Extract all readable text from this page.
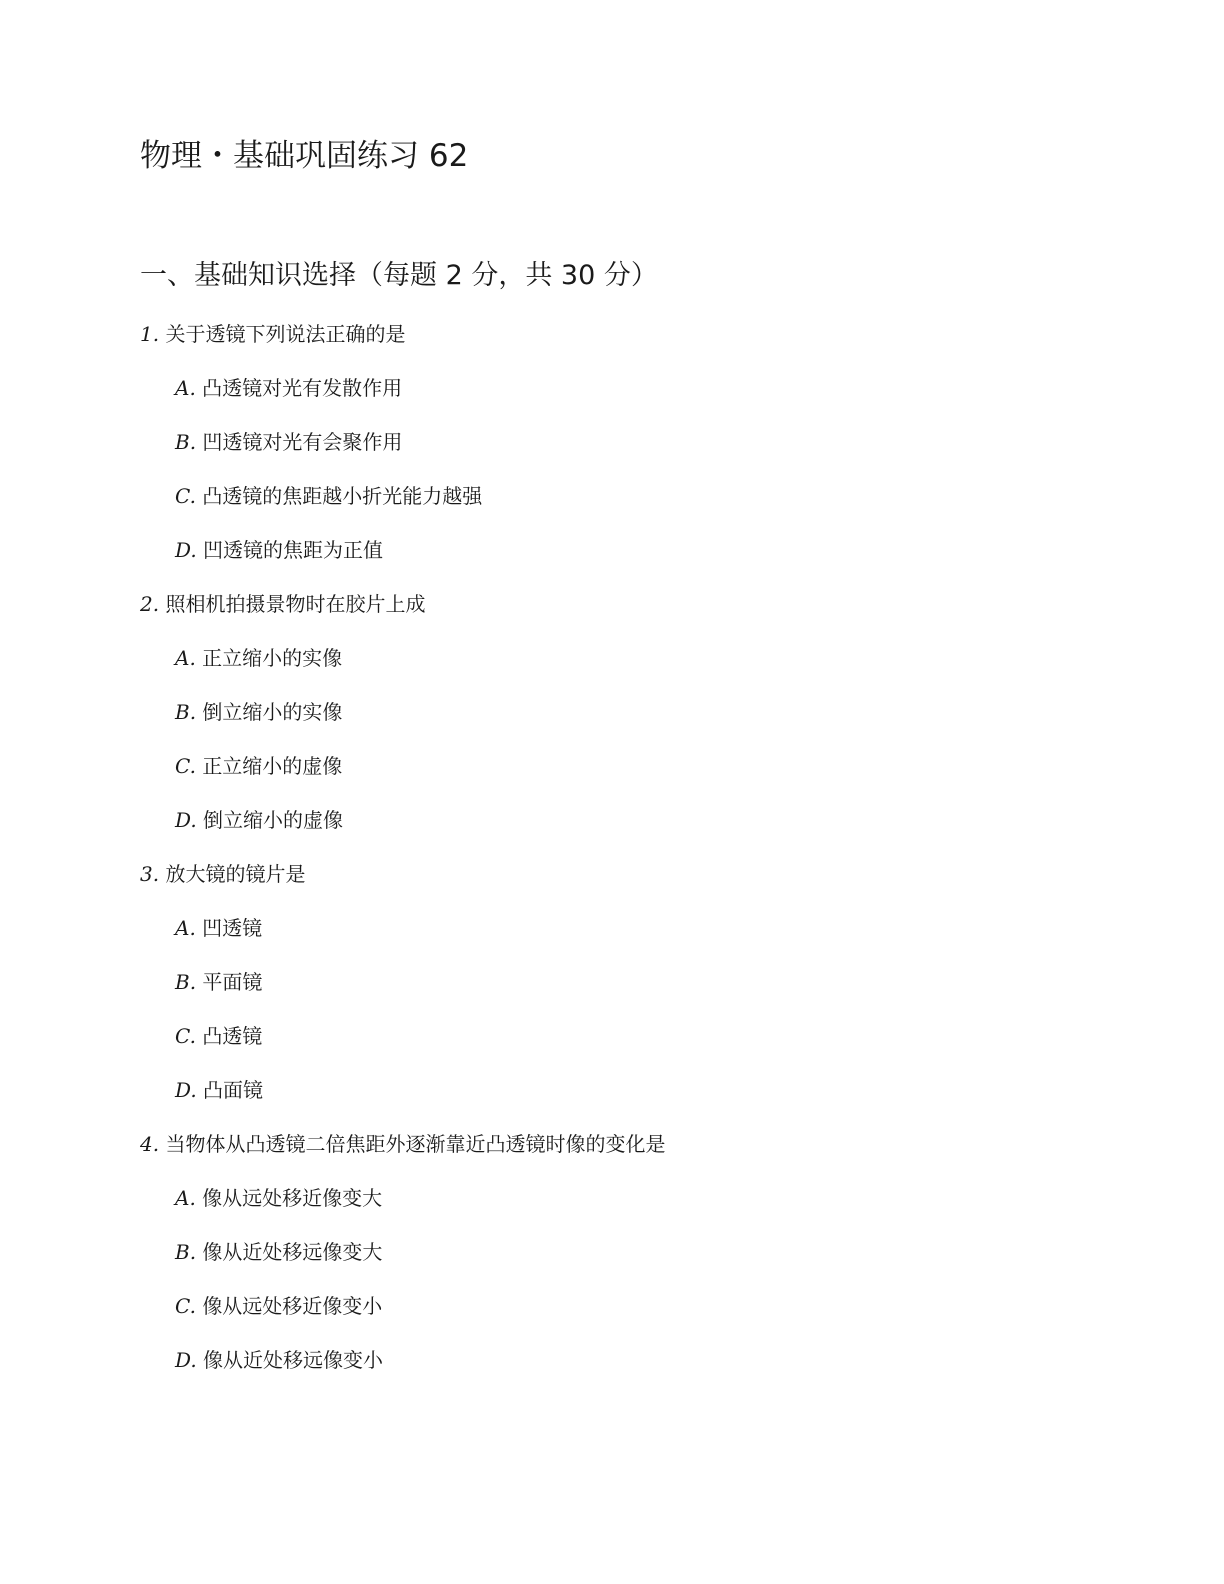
物理・基础巩固练习 62
一、基础知识选择（每题 2 分，共 30 分）
1. 关于透镜下列说法正确的是
A. 凸透镜对光有发散作用
B. 凹透镜对光有会聚作用
C. 凸透镜的焦距越小折光能力越强
D. 凹透镜的焦距为正值
2. 照相机拍摄景物时在胶片上成
A. 正立缩小的实像
B. 倒立缩小的实像
C. 正立缩小的虚像
D. 倒立缩小的虚像
3. 放大镜的镜片是
A. 凹透镜
B. 平面镜
C. 凸透镜
D. 凸面镜
4. 当物体从凸透镜二倍焦距外逐渐靠近凸透镜时像的变化是
A. 像从远处移近像变大
B. 像从近处移远像变大
C. 像从远处移近像变小
D. 像从近处移远像变小
